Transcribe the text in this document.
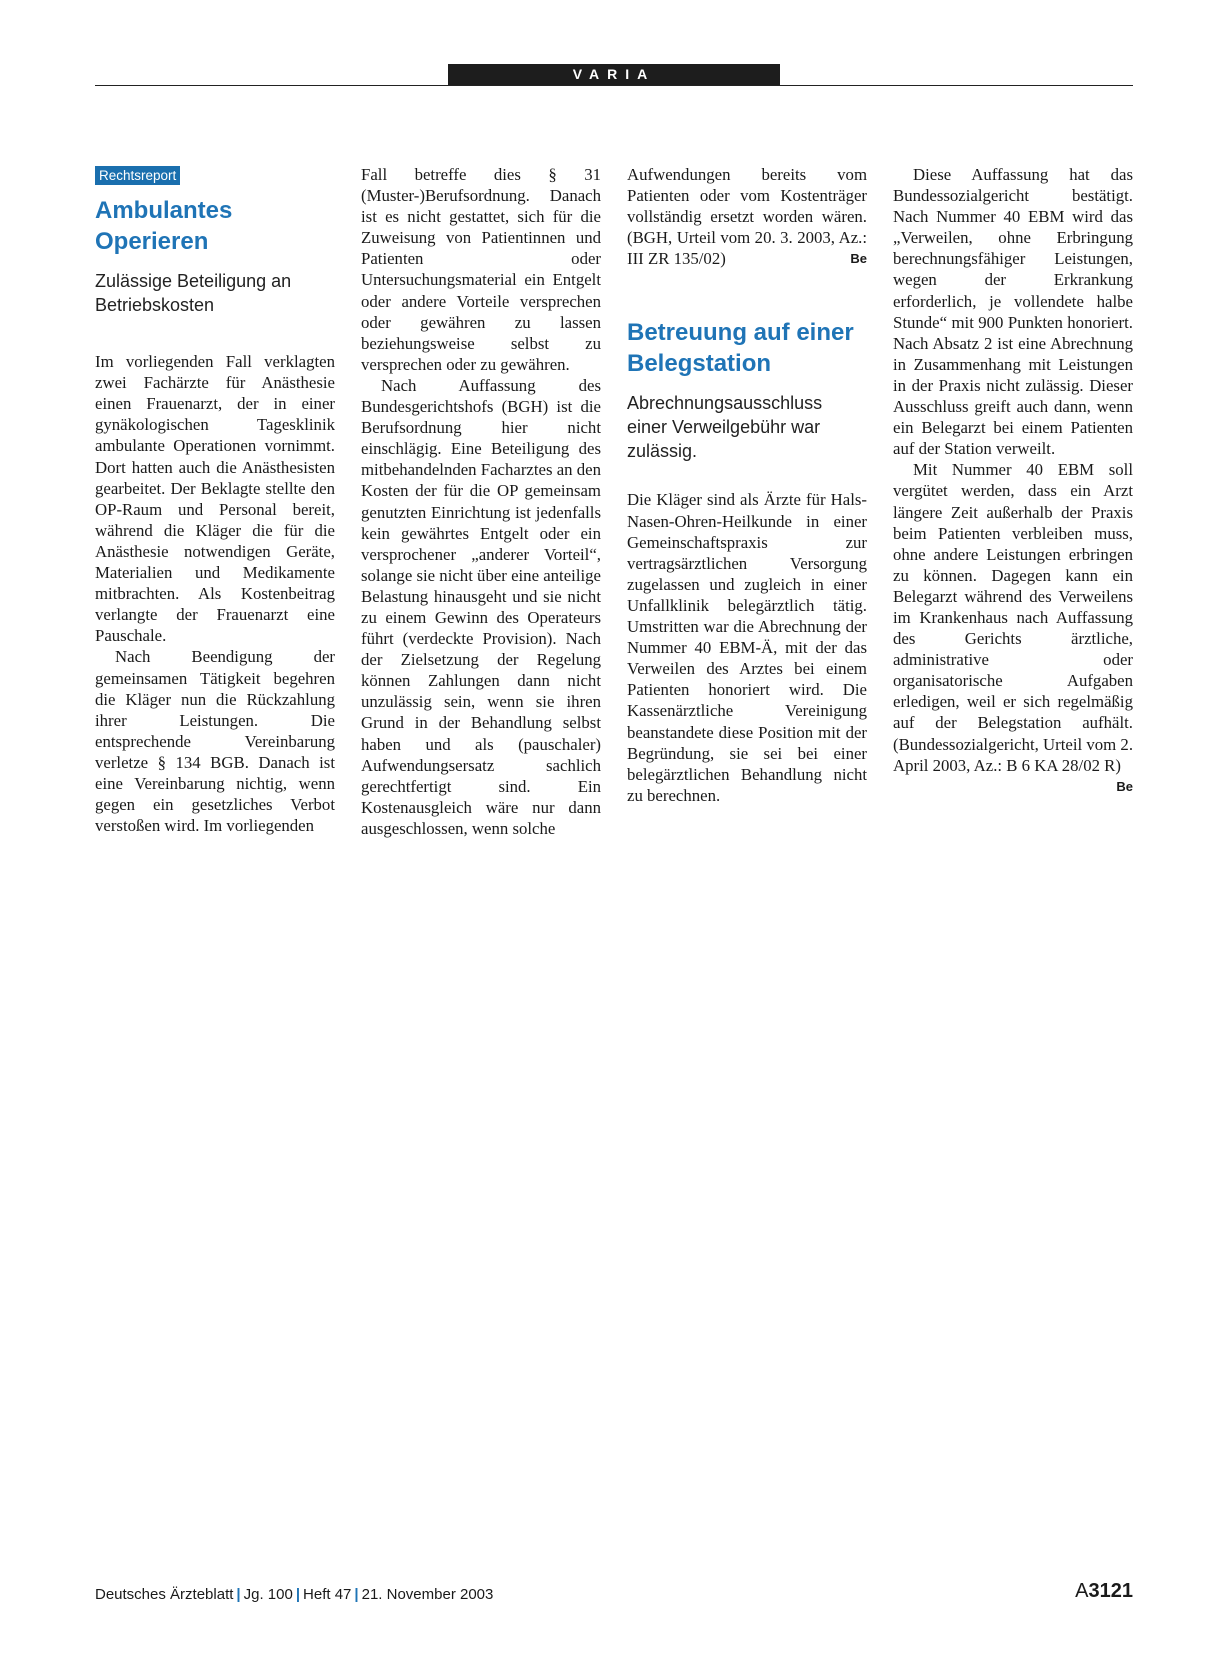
VARIA
Rechtsreport
Ambulantes Operieren
Zulässige Beteiligung an Betriebskosten

Im vorliegenden Fall verklagten zwei Fachärzte für Anästhesie einen Frauenarzt, der in einer gynäkologischen Tagesklinik ambulante Operationen vornimmt. Dort hatten auch die Anästhesisten gearbeitet. Der Beklagte stellte den OP-Raum und Personal bereit, während die Kläger die für die Anästhesie notwendigen Geräte, Materialien und Medikamente mitbrachten. Als Kostenbeitrag verlangte der Frauenarzt eine Pauschale.

Nach Beendigung der gemeinsamen Tätigkeit begehren die Kläger nun die Rückzahlung ihrer Leistungen. Die entsprechende Vereinbarung verletze § 134 BGB. Danach ist eine Vereinbarung nichtig, wenn gegen ein gesetzliches Verbot verstoßen wird. Im vorliegenden

Fall betreffe dies § 31 (Muster-)Berufsordnung. Danach ist es nicht gestattet, sich für die Zuweisung von Patientinnen und Patienten oder Untersuchungsmaterial ein Entgelt oder andere Vorteile versprechen oder gewähren zu lassen beziehungsweise selbst zu versprechen oder zu gewähren.

Nach Auffassung des Bundesgerichtshofs (BGH) ist die Berufsordnung hier nicht einschlägig. Eine Beteiligung des mitbehandelnden Facharztes an den Kosten der für die OP gemeinsam genutzten Einrichtung ist jedenfalls kein gewährtes Entgelt oder ein versprochener „anderer Vorteil“, solange sie nicht über eine anteilige Belastung hinausgeht und sie nicht zu einem Gewinn des Operateurs führt (verdeckte Provision). Nach der Zielsetzung der Regelung können Zahlungen dann nicht unzulässig sein, wenn sie ihren Grund in der Behandlung selbst haben und als (pauschaler) Aufwendungsersatz sachlich gerechtfertigt sind. Ein Kostenausgleich wäre nur dann ausgeschlossen, wenn solche

Aufwendungen bereits vom Patienten oder vom Kostenträger vollständig ersetzt worden wären. (BGH, Urteil vom 20. 3. 2003, Az.: III ZR 135/02)	Be

Betreuung auf einer Belegstation
Abrechnungsausschluss einer Verweilgebühr war zulässig.

Die Kläger sind als Ärzte für Hals-Nasen-Ohren-Heilkunde in einer Gemeinschaftspraxis zur vertragsärztlichen Versorgung zugelassen und zugleich in einer Unfallklinik belegärztlich tätig. Umstritten war die Abrechnung der Nummer 40 EBM-Ä, mit der das Verweilen des Arztes bei einem Patienten honoriert wird. Die Kassenärztliche Vereinigung beanstandete diese Position mit der Begründung, sie sei bei einer belegärztlichen Behandlung nicht zu berechnen.

Diese Auffassung hat das Bundessozialgericht bestätigt. Nach Nummer 40 EBM wird das „Verweilen, ohne Erbringung berechnungsfähiger Leistungen, wegen der Erkrankung erforderlich, je vollendete halbe Stunde“ mit 900 Punkten honoriert. Nach Absatz 2 ist eine Abrechnung in Zusammenhang mit Leistungen in der Praxis nicht zulässig. Dieser Ausschluss greift auch dann, wenn ein Belegarzt bei einem Patienten auf der Station verweilt.

Mit Nummer 40 EBM soll vergütet werden, dass ein Arzt längere Zeit außerhalb der Praxis beim Patienten verbleiben muss, ohne andere Leistungen erbringen zu können. Dagegen kann ein Belegarzt während des Verweilens im Krankenhaus nach Auffassung des Gerichts ärztliche, administrative oder organisatorische Aufgaben erledigen, weil er sich regelmäßig auf der Belegstation aufhält. (Bundessozialgericht, Urteil vom 2. April 2003, Az.: B 6 KA 28/02 R)
Be

Deutsches Ärzteblatt | Jg. 100 | Heft 47 | 21. November 2003	A3121
